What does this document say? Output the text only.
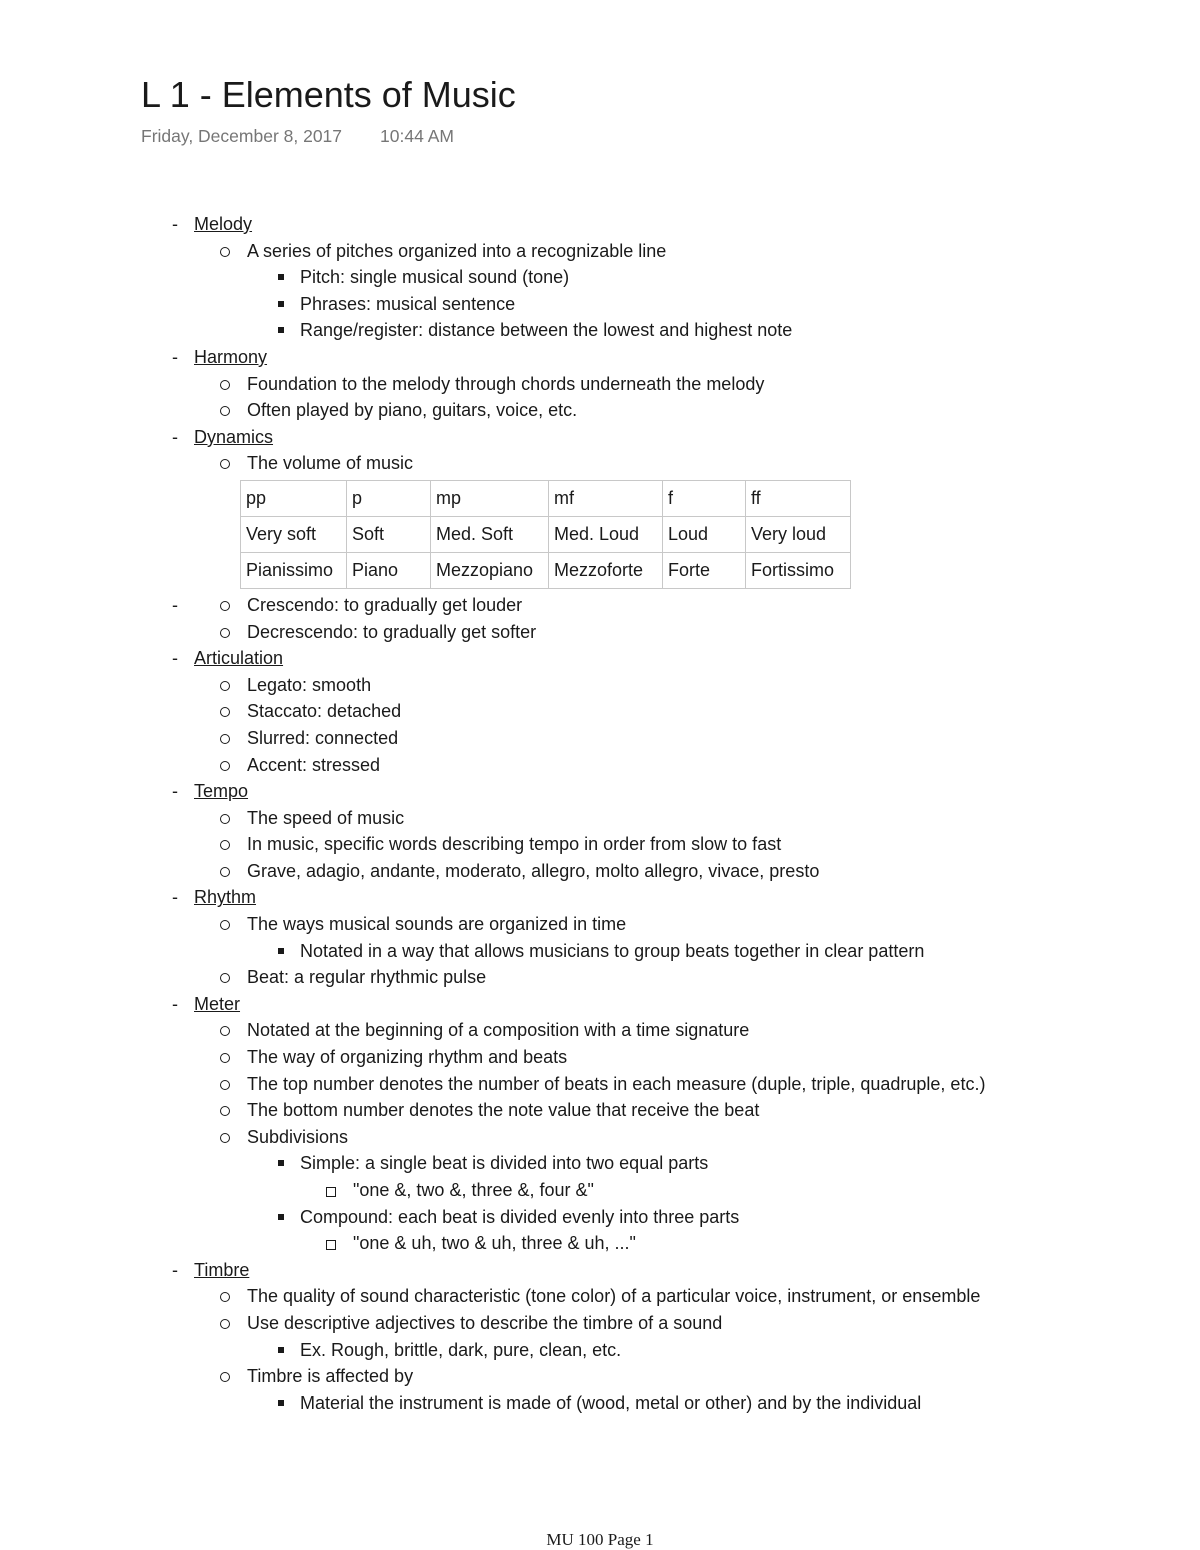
L 1 - Elements of Music
Friday, December 8, 2017 10:44 AM
- Melody
A series of pitches organized into a recognizable line
Pitch: single musical sound (tone)
Phrases: musical sentence
Range/register: distance between the lowest and highest note
- Harmony
Foundation to the melody through chords underneath the melody
Often played by piano, guitars, voice, etc.
- Dynamics
The volume of music
pp	p	mp	mf	f	ff
Very soft	Soft	Med. Soft	Med. Loud	Loud	Very loud
Pianissimo	Piano	Mezzopiano	Mezzoforte	Forte	Fortissimo
- Crescendo: to gradually get louder
Decrescendo: to gradually get softer
- Articulation
Legato: smooth
Staccato: detached
Slurred: connected
Accent: stressed
- Tempo
The speed of music
In music, specific words describing tempo in order from slow to fast
Grave, adagio, andante, moderato, allegro, molto allegro, vivace, presto
- Rhythm
The ways musical sounds are organized in time
Notated in a way that allows musicians to group beats together in clear pattern
Beat: a regular rhythmic pulse
- Meter
Notated at the beginning of a composition with a time signature
The way of organizing rhythm and beats
The top number denotes the number of beats in each measure (duple, triple, quadruple, etc.)
The bottom number denotes the note value that receive the beat
Subdivisions
Simple: a single beat is divided into two equal parts
"one &, two &, three &, four &"
Compound: each beat is divided evenly into three parts
"one & uh, two & uh, three & uh, ..."
- Timbre
The quality of sound characteristic (tone color) of a particular voice, instrument, or ensemble
Use descriptive adjectives to describe the timbre of a sound
Ex. Rough, brittle, dark, pure, clean, etc.
Timbre is affected by
Material the instrument is made of (wood, metal or other) and by the individual
MU 100 Page 1
